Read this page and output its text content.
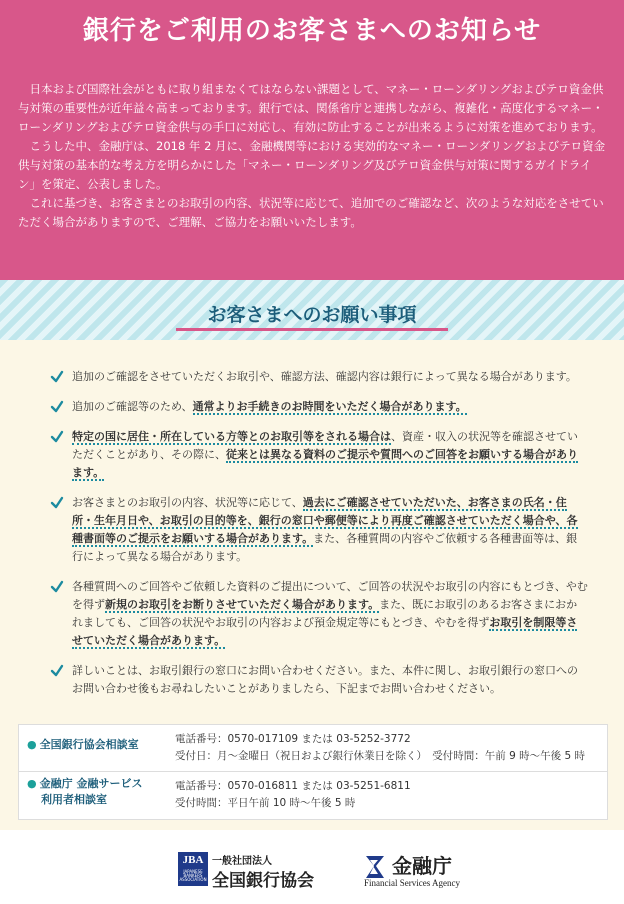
銀行をご利用のお客さまへのお知らせ

日本および国際社会がともに取り組まなくてはならない課題として、マネー・ローンダリングおよびテロ資金供与対策の重要性が近年益々高まっております。銀行では、関係省庁と連携しながら、複雑化・高度化するマネー・ローンダリングおよびテロ資金供与の手口に対応し、有効に防止することが出来るように対策を進めております。

こうした中、金融庁は、2018 年 2 月に、金融機関等における実効的なマネー・ローンダリングおよびテロ資金供与対策の基本的な考え方を明らかにした「マネー・ローンダリング及びテロ資金供与対策に関するガイドライン」を策定、公表しました。

これに基づき、お客さまとのお取引の内容、状況等に応じて、追加でのご確認など、次のような対応をさせていただく場合がありますので、ご理解、ご協力をお願いいたします。

お客さまへのお願い事項
追加のご確認をさせていただくお取引や、確認方法、確認内容は銀行によって異なる場合があります。
追加のご確認等のため、通常よりお手続きのお時間をいただく場合があります。
特定の国に居住・所在している方等とのお取引等をされる場合は、資産・収入の状況等を確認させていただくことがあり、その際に、従来とは異なる資料のご提示や質問へのご回答をお願いする場合があります。
お客さまとのお取引の内容、状況等に応じて、過去にご確認させていただいた、お客さまの氏名・住所・生年月日や、お取引の目的等を、銀行の窓口や郵便等により再度ご確認させていただく場合や、各種書面等のご提示をお願いする場合があります。また、各種質問の内容やご依頼する各種書面等は、銀行によって異なる場合があります。
各種質問へのご回答やご依頼した資料のご提出について、ご回答の状況やお取引の内容にもとづき、やむを得ず新規のお取引をお断りさせていただく場合があります。また、既にお取引のあるお客さまにおかれましても、ご回答の状況やお取引の内容および預金規定等にもとづき、やむを得ずお取引を制限等させていただく場合があります。
詳しいことは、お取引銀行の窓口にお問い合わせください。また、本件に関し、お取引銀行の窓口へのお問い合わせ後もお尋ねしたいことがありましたら、下記までお問い合わせください。
● 全国銀行協会相談室	電話番号：0570-017109 または 03-5252-3772
受付日：月～金曜日（祝日および銀行休業日を除く）　受付時間：午前 9 時～午後 5 時
● 金融庁 金融サービス
利用者相談室
電話番号：0570-016811 または 03-5251-6811
受付時間：平日午前 10 時～午後 5 時
JBA
JAPANESE BANKERS ASSOCIATION
一般社団法人
全国銀行協会
金融庁
Financial Services Agency
